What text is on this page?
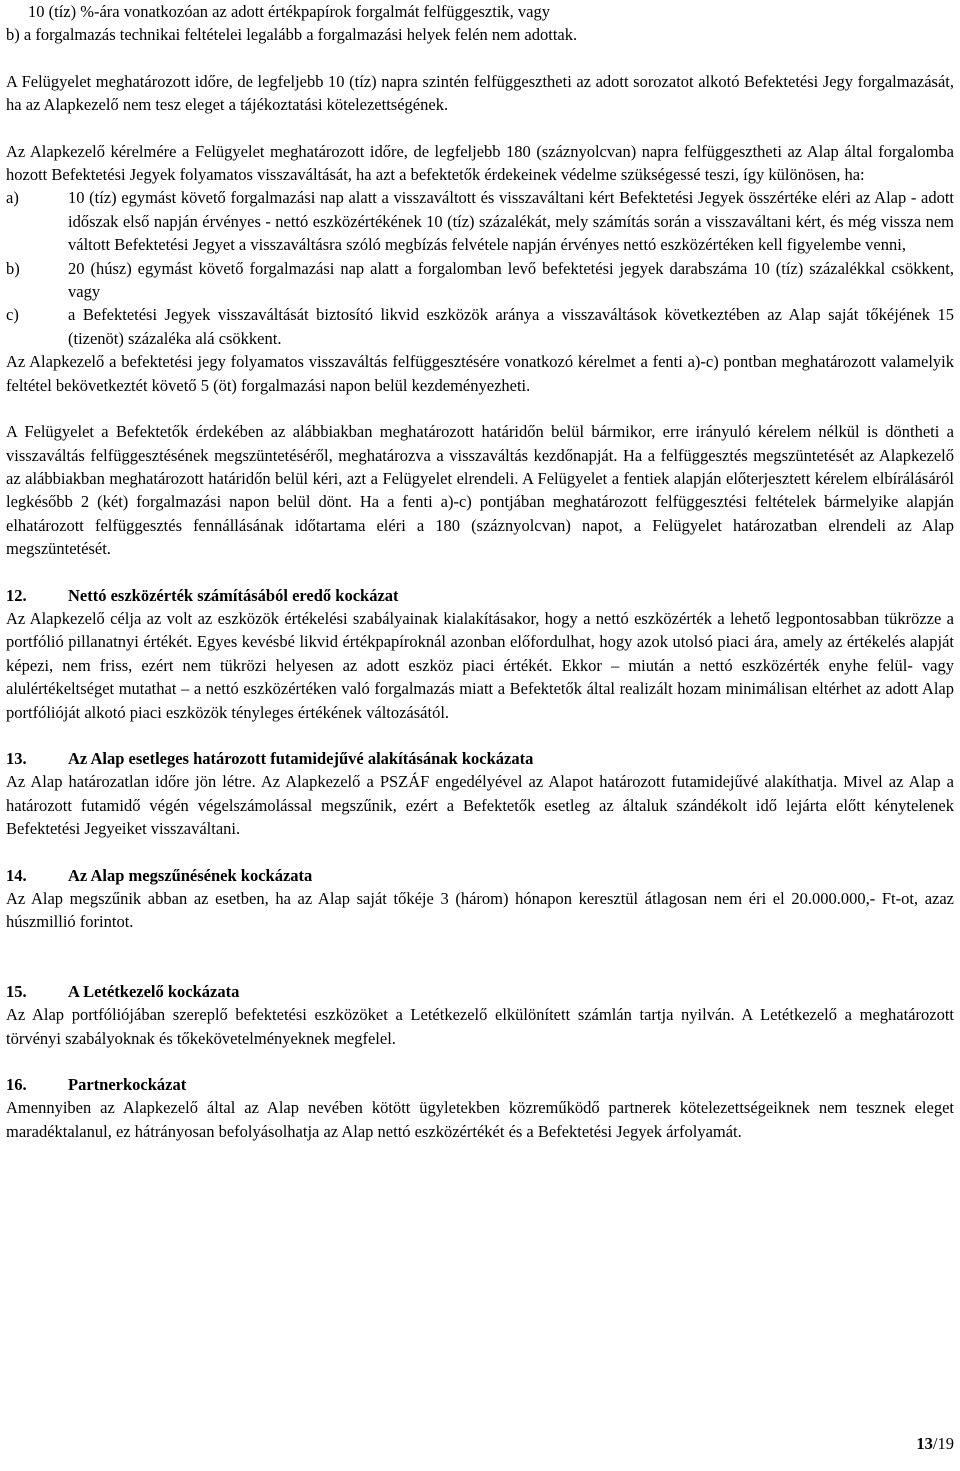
10 (tíz) %-ára vonatkozóan az adott értékpapírok forgalmát felfüggesztik, vagy

b) a forgalmazás technikai feltételei legalább a forgalmazási helyek felén nem adottak.

A Felügyelet meghatározott időre, de legfeljebb 10 (tíz) napra szintén felfüggesztheti az adott sorozatot alkotó Befektetési Jegy forgalmazását, ha az Alapkezelő nem tesz eleget a tájékoztatási kötelezettségének.

Az Alapkezelő kérelmére a Felügyelet meghatározott időre, de legfeljebb 180 (száznyolcvan) napra felfüggesztheti az Alap által forgalomba hozott Befektetési Jegyek folyamatos visszaváltását, ha azt a befektetők érdekeinek védelme szükségessé teszi, így különösen, ha:

a)	10 (tíz) egymást követő forgalmazási nap alatt a visszaváltott és visszaváltani kért Befektetési Jegyek összértéke eléri az Alap - adott időszak első napján érvényes - nettó eszközértékének 10 (tíz) százalékát, mely számítás során a visszaváltani kért, és még vissza nem váltott Befektetési Jegyet a visszaváltásra szóló megbízás felvétele napján érvényes nettó eszközértéken kell figyelembe venni,
b)	20 (húsz) egymást követő forgalmazási nap alatt a forgalomban levő befektetési jegyek darabszáma 10 (tíz) százalékkal csökkent, vagy
c)	a Befektetési Jegyek visszaváltását biztosító likvid eszközök aránya a visszaváltások következtében az Alap saját tőkéjének 15 (tizenöt) százaléka alá csökkent.

Az Alapkezelő a befektetési jegy folyamatos visszaváltás felfüggesztésére vonatkozó kérelmet a fenti a)-c) pontban meghatározott valamelyik feltétel bekövetkeztét követő 5 (öt) forgalmazási napon belül kezdeményezheti.

A Felügyelet a Befektetők érdekében az alábbiakban meghatározott határidőn belül bármikor, erre irányuló kérelem nélkül is döntheti a visszaváltás felfüggesztésének megszüntetéséről, meghatározva a visszaváltás kezdőnapját. Ha a felfüggesztés megszüntetését az Alapkezelő az alábbiakban meghatározott határidőn belül kéri, azt a Felügyelet elrendeli. A Felügyelet a fentiek alapján előterjesztett kérelem elbírálásáról legkésőbb 2 (két) forgalmazási napon belül dönt. Ha a fenti a)-c) pontjában meghatározott felfüggesztési feltételek bármelyike alapján elhatározott felfüggesztés fennállásának időtartama eléri a 180 (száznyolcvan) napot, a Felügyelet határozatban elrendeli az Alap megszüntetését.

12.	Nettó eszközérték számításából eredő kockázat

Az Alapkezelő célja az volt az eszközök értékelési szabályainak kialakításakor, hogy a nettó eszközérték a lehető legpontosabban tükrözze a portfólió pillanatnyi értékét. Egyes kevésbé likvid értékpapíroknál azonban előfordulhat, hogy azok utolsó piaci ára, amely az értékelés alapját képezi, nem friss, ezért nem tükrözi helyesen az adott eszköz piaci értékét. Ekkor – miután a nettó eszközérték enyhe felül- vagy alulértékeltséget mutathat – a nettó eszközértéken való forgalmazás miatt a Befektetők által realizált hozam minimálisan eltérhet az adott Alap portfólióját alkotó piaci eszközök tényleges értékének változásától.

13.	Az Alap esetleges határozott futamidejűvé alakításának kockázata

Az Alap határozatlan időre jön létre. Az Alapkezelő a PSZÁF engedélyével az Alapot határozott futamidejűvé alakíthatja. Mivel az Alap a határozott futamidő végén végelszámolással megszűnik, ezért a Befektetők esetleg az általuk szándékolt idő lejárta előtt kénytelenek Befektetési Jegyeiket visszaváltani.

14.	Az Alap megszűnésének kockázata

Az Alap megszűnik abban az esetben, ha az Alap saját tőkéje 3 (három) hónapon keresztül átlagosan nem éri el 20.000.000,- Ft-ot, azaz húszmillió forintot.

15.	A Letétkezelő kockázata

Az Alap portfóliójában szereplő befektetési eszközöket a Letétkezelő elkülönített számlán tartja nyilván. A Letétkezelő a meghatározott törvényi szabályoknak és tőkekövetelményeknek megfelel.

16.	Partnerkockázat

Amennyiben az Alapkezelő által az Alap nevében kötött ügyletekben közreműködő partnerek kötelezettségeiknek nem tesznek eleget maradéktalanul, ez hátrányosan befolyásolhatja az Alap nettó eszközértékét és a Befektetési Jegyek árfolyamát.

13/19
